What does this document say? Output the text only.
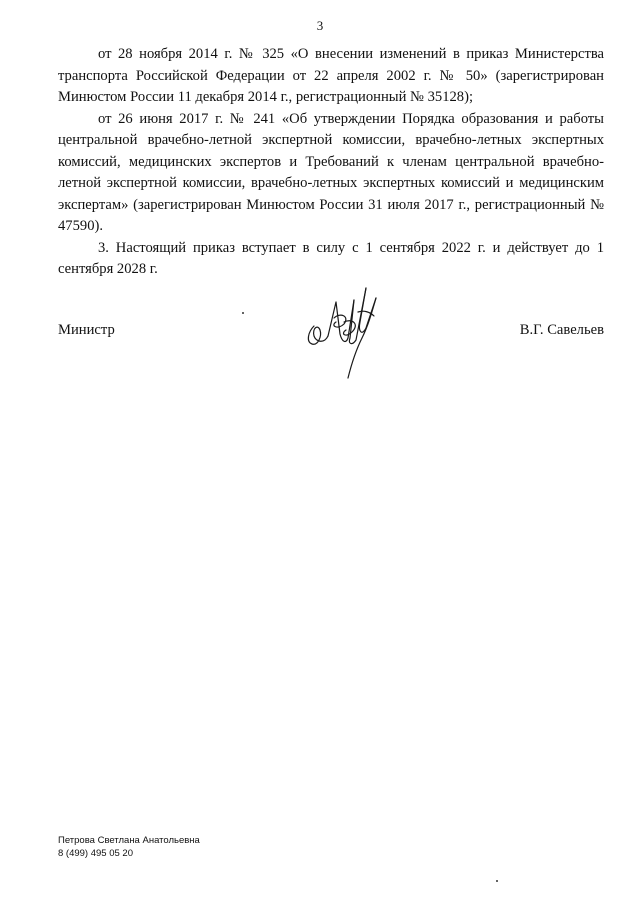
3

от 28 ноября 2014 г. № 325 «О внесении изменений в приказ Министерства транспорта Российской Федерации от 22 апреля 2002 г. № 50» (зарегистрирован Минюстом России 11 декабря 2014 г., регистрационный № 35128);

от 26 июня 2017 г. № 241 «Об утверждении Порядка образования и работы центральной врачебно-летной экспертной комиссии, врачебно-летных экспертных комиссий, медицинских экспертов и Требований к членам центральной врачебно-летной экспертной комиссии, врачебно-летных экспертных комиссий и медицинским экспертам» (зарегистрирован Минюстом России 31 июля 2017 г., регистрационный № 47590).

3. Настоящий приказ вступает в силу с 1 сентября 2022 г. и действует до 1 сентября 2028 г.

Министр	В.Г. Савельев
Петрова Светлана Анатольевна
8 (499) 495 05 20
